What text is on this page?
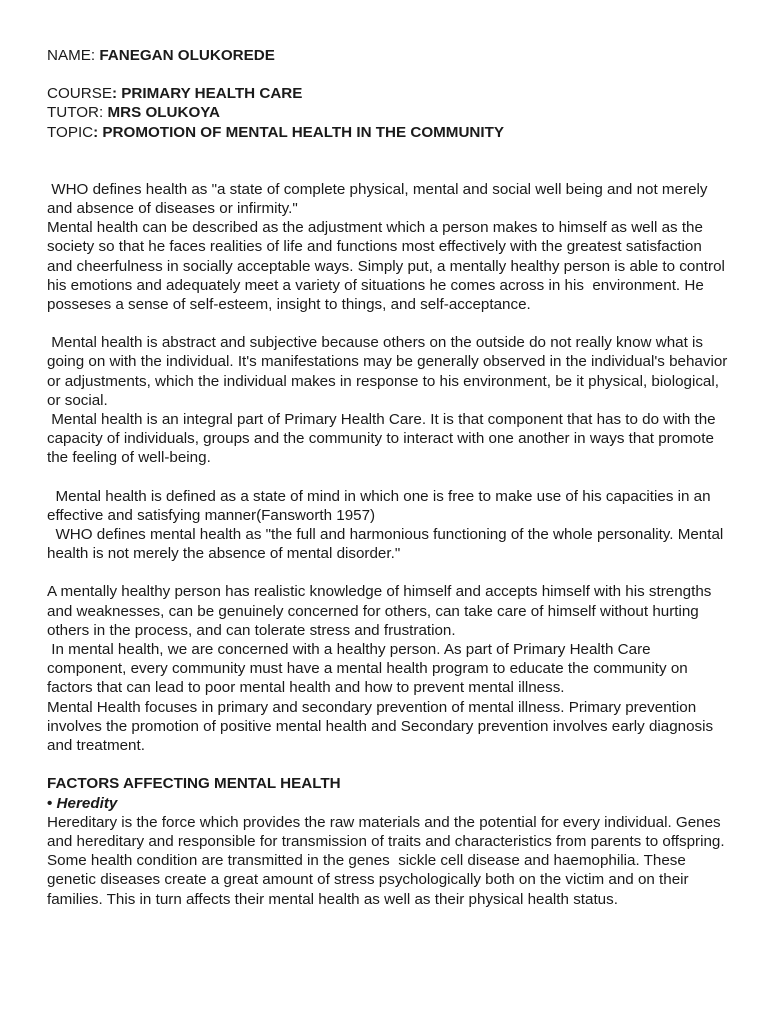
NAME: FANEGAN OLUKOREDE
COURSE: PRIMARY HEALTH CARE
TUTOR: MRS OLUKOYA
TOPIC: PROMOTION OF MENTAL HEALTH IN THE COMMUNITY

WHO defines health as "a state of complete physical, mental and social well being and not merely and absence of diseases or infirmity."

Mental health can be described as the adjustment which a person makes to himself as well as the society so that he faces realities of life and functions most effectively with the greatest satisfaction and cheerfulness in socially acceptable ways. Simply put, a mentally healthy person is able to control his emotions and adequately meet a variety of situations he comes across in his  environment. He posseses a sense of self-esteem, insight to things, and self-acceptance.

Mental health is abstract and subjective because others on the outside do not really know what is going on with the individual. It's manifestations may be generally observed in the individual's behavior or adjustments, which the individual makes in response to his environment, be it physical, biological, or social.

Mental health is an integral part of Primary Health Care. It is that component that has to do with the capacity of individuals, groups and the community to interact with one another in ways that promote the feeling of well-being.

Mental health is defined as a state of mind in which one is free to make use of his capacities in an effective and satisfying manner(Fansworth 1957)

WHO defines mental health as "the full and harmonious functioning of the whole personality. Mental health is not merely the absence of mental disorder."

A mentally healthy person has realistic knowledge of himself and accepts himself with his strengths and weaknesses, can be genuinely concerned for others, can take care of himself without hurting others in the process, and can tolerate stress and frustration.

In mental health, we are concerned with a healthy person. As part of Primary Health Care component, every community must have a mental health program to educate the community on factors that can lead to poor mental health and how to prevent mental illness.

Mental Health focuses in primary and secondary prevention of mental illness. Primary prevention involves the promotion of positive mental health and Secondary prevention involves early diagnosis and treatment.

FACTORS AFFECTING MENTAL HEALTH
• Heredity

Hereditary is the force which provides the raw materials and the potential for every individual. Genes and hereditary and responsible for transmission of traits and characteristics from parents to offspring. Some health condition are transmitted in the genes  sickle cell disease and haemophilia. These genetic diseases create a great amount of stress psychologically both on the victim and on their families. This in turn affects their mental health as well as their physical health status.
